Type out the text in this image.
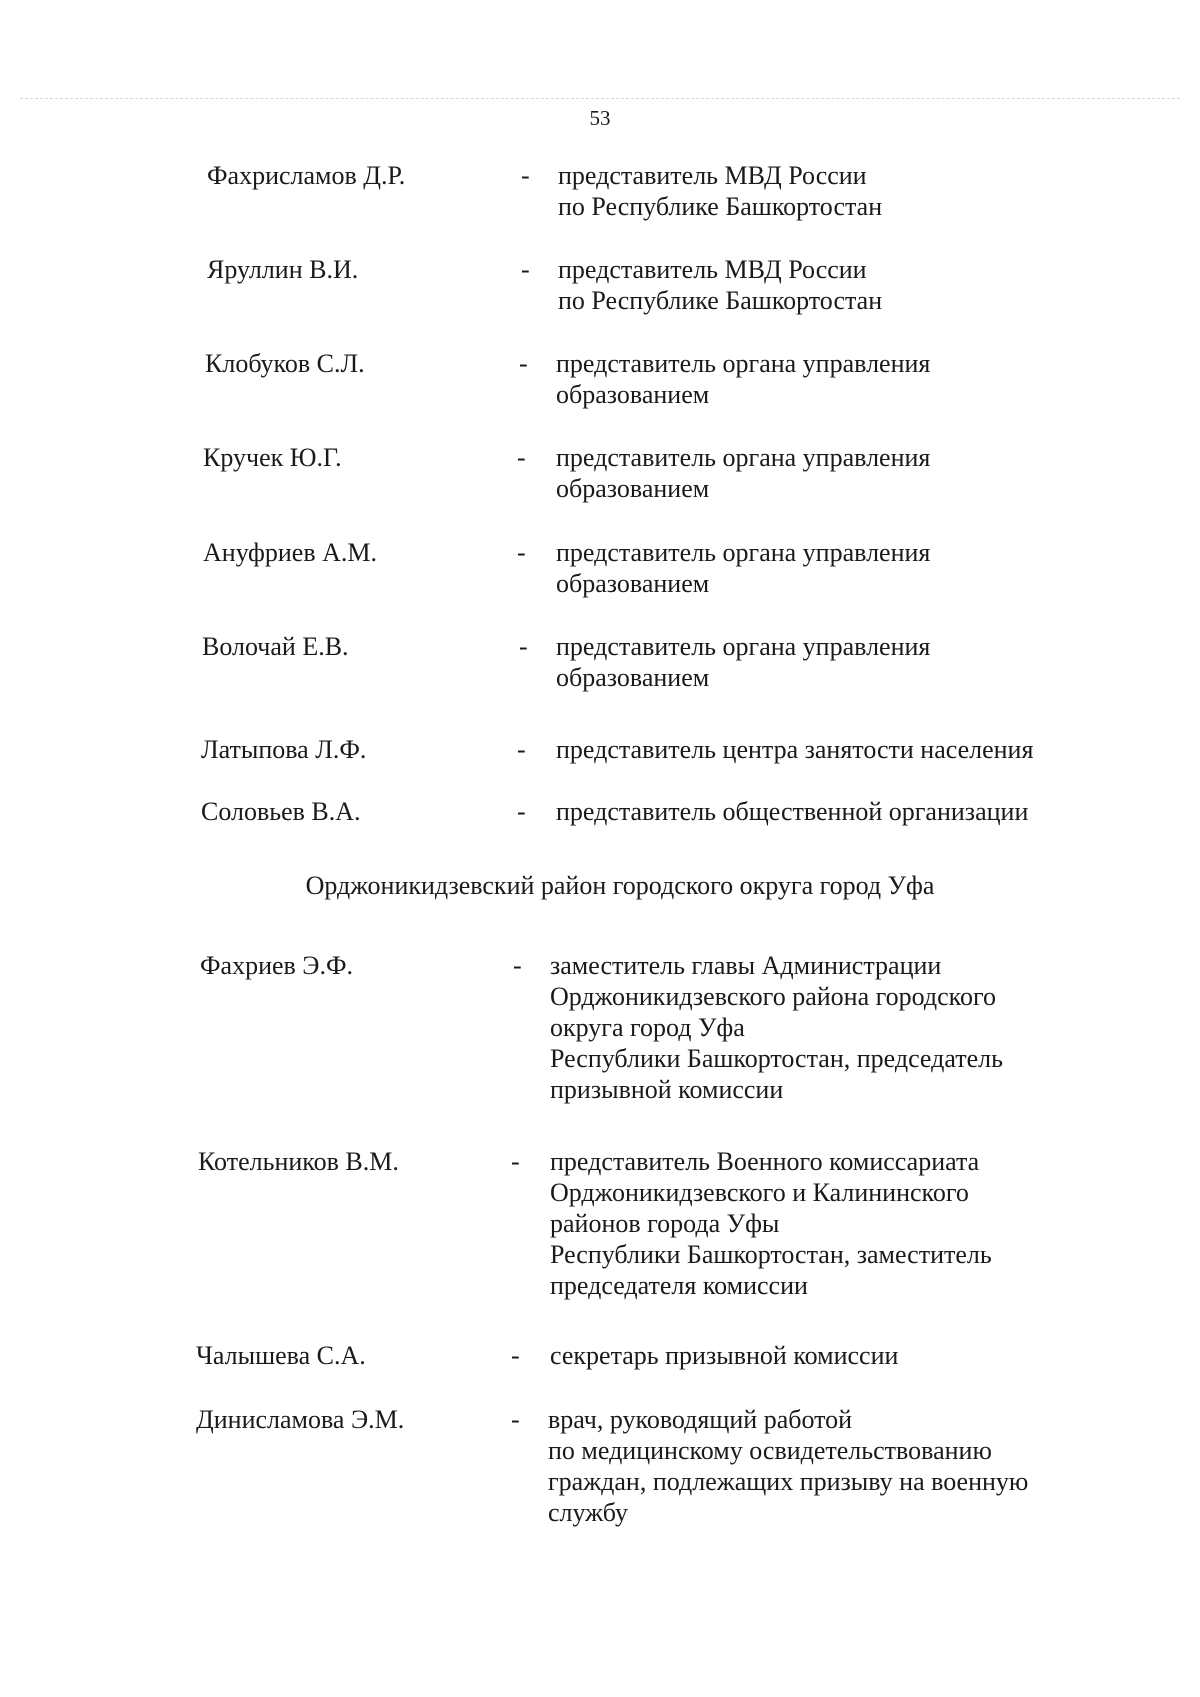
53
Фахрисламов Д.Р.	- представитель МВД России
по Республике Башкортостан
Яруллин В.И.	- представитель МВД России
по Республике Башкортостан
Клобуков С.Л.	- представитель органа управления
образованием
Кручек Ю.Г.	- представитель органа управления
образованием
Ануфриев А.М.	- представитель органа управления
образованием
Волочай Е.В.	- представитель органа управления
образованием
Латыпова Л.Ф.	- представитель центра занятости населения
Соловьев В.А.	- представитель общественной организации
Орджоникидзевский район городского округа город Уфа
Фахриев Э.Ф.	- заместитель главы Администрации
Орджоникидзевского района городского
округа город Уфа
Республики Башкортостан, председатель
призывной комиссии
Котельников В.М.	- представитель Военного комиссариата
Орджоникидзевского и Калининского
районов города Уфы
Республики Башкортостан, заместитель
председателя комиссии
Чалышева С.А.	- секретарь призывной комиссии
Динисламова Э.М.	- врач, руководящий работой
по медицинскому освидетельствованию
граждан, подлежащих призыву на военную
службу
